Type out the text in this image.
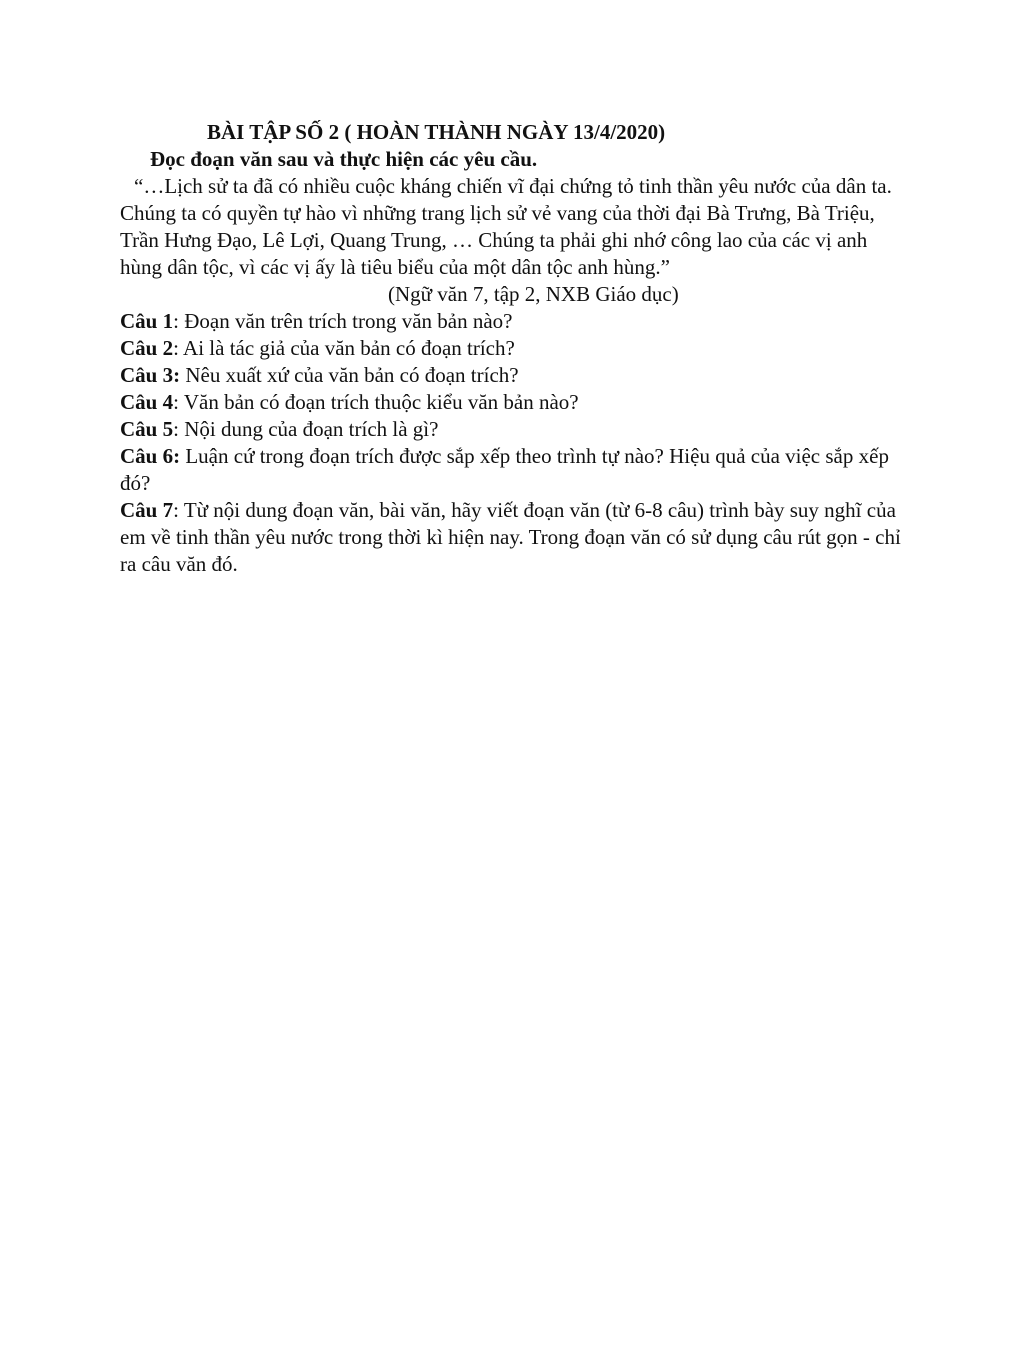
BÀI TẬP SỐ 2 ( HOÀN THÀNH NGÀY 13/4/2020)

Đọc đoạn văn sau và thực hiện các yêu cầu.

“…Lịch sử ta đã có nhiều cuộc kháng chiến vĩ đại chứng tỏ tinh thần yêu nước của dân ta. Chúng ta có quyền tự hào vì những trang lịch sử vẻ vang của thời đại Bà Trưng, Bà Triệu, Trần Hưng Đạo, Lê Lợi, Quang Trung, … Chúng ta phải ghi nhớ công lao của các vị anh hùng dân tộc, vì các vị ấy là tiêu biểu của một dân tộc anh hùng.”

(Ngữ văn 7, tập 2, NXB Giáo dục)

Câu 1: Đoạn văn trên trích trong văn bản nào?

Câu 2: Ai là tác giả của văn bản có đoạn trích?

Câu 3: Nêu xuất xứ của văn bản có đoạn trích?

Câu 4: Văn bản có đoạn trích thuộc kiểu văn bản nào?

Câu 5: Nội dung của đoạn trích là gì?

Câu 6: Luận cứ trong đoạn trích được sắp xếp theo trình tự nào? Hiệu quả của việc sắp xếp đó?

Câu 7: Từ nội dung đoạn văn, bài văn, hãy viết đoạn văn (từ 6-8 câu) trình bày suy nghĩ của em về tinh thần yêu nước trong thời kì hiện nay. Trong đoạn văn có sử dụng câu rút gọn - chỉ ra câu văn đó.
